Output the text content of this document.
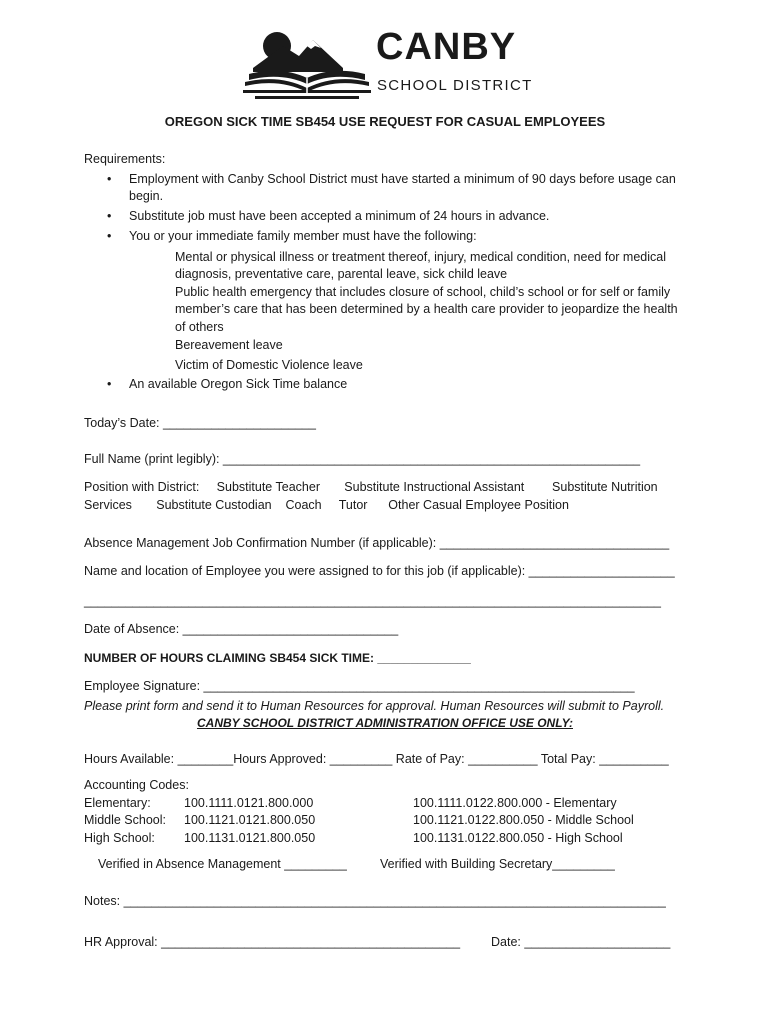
CANBY
SCHOOL DISTRICT
OREGON SICK TIME SB454 USE REQUEST FOR CASUAL EMPLOYEES
Requirements:
• Employment with Canby School District must have started a minimum of 90 days before usage can
begin.
• Substitute job must have been accepted a minimum of 24 hours in advance.
• You or your immediate family member must have the following:
Mental or physical illness or treatment thereof, injury, medical condition, need for medical
diagnosis, preventative care, parental leave, sick child leave
Public health emergency that includes closure of school, child’s school or for self or family
member’s care that has been determined by a health care provider to jeopardize the health
of others
Bereavement leave
Victim of Domestic Violence leave
• An available Oregon Sick Time balance
Today’s Date: ______________________
Full Name (print legibly): ____________________________________________________________
Position with District:     Substitute Teacher       Substitute Instructional Assistant        Substitute Nutrition
Services       Substitute Custodian    Coach     Tutor      Other Casual Employee Position
Absence Management Job Confirmation Number (if applicable): _________________________________
Name and location of Employee you were assigned to for this job (if applicable): _____________________
___________________________________________________________________________________
Date of Absence: _______________________________
NUMBER OF HOURS CLAIMING SB454 SICK TIME: ______________
Employee Signature: ______________________________________________________________
Please print form and send it to Human Resources for approval. Human Resources will submit to Payroll.
CANBY SCHOOL DISTRICT ADMINISTRATION OFFICE USE ONLY:
Hours Available: ________Hours Approved: _________ Rate of Pay: __________ Total Pay: __________
Accounting Codes:
Elementary:	100.1111.0121.800.000	100.1111.0122.800.000 - Elementary
Middle School: 100.1121.0121.800.050	100.1121.0122.800.050 - Middle School
High School: 100.1131.0121.800.050	100.1131.0122.800.050 - High School
Verified in Absence Management _________	Verified with Building Secretary_________
Notes: ______________________________________________________________________________
HR Approval: ___________________________________________ Date: _____________________
